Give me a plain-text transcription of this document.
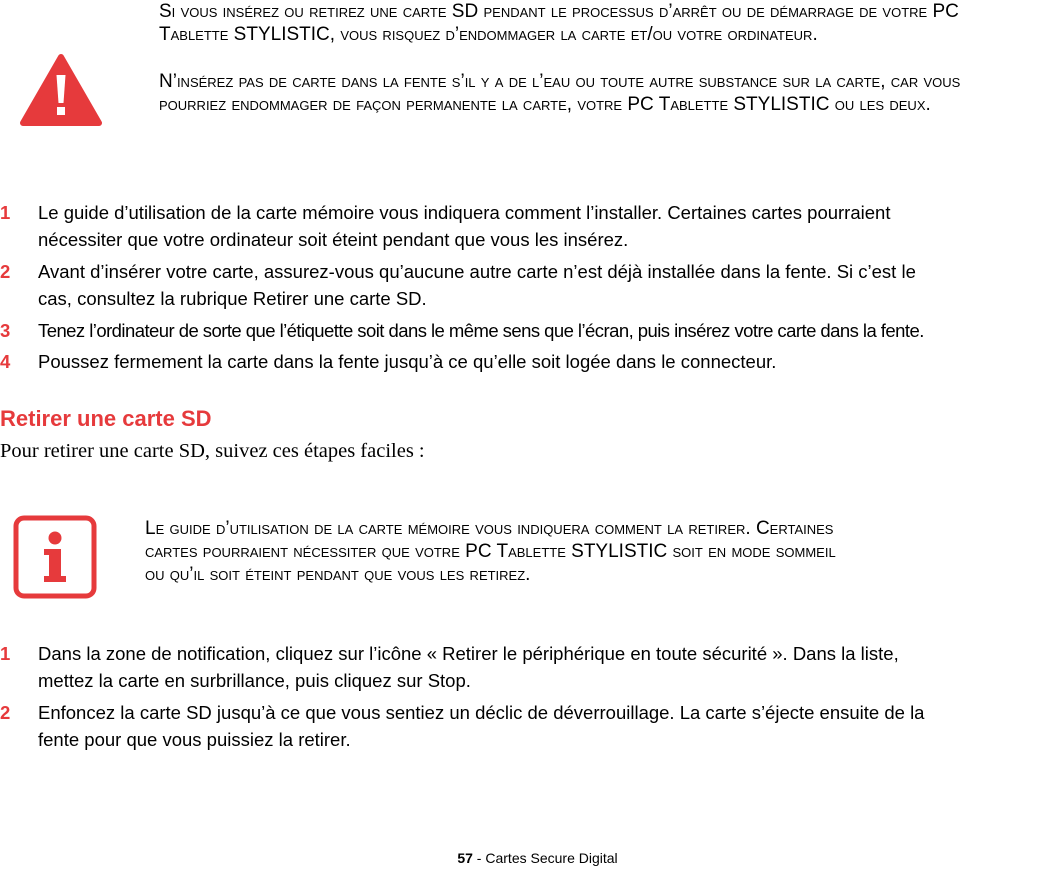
Si vous insérez ou retirez une carte SD pendant le processus d’arrêt ou de démarrage de votre PC Tablette STYLISTIC, vous risquez d’endommager la carte et/ou votre ordinateur.

N’insérez pas de carte dans la fente s’il y a de l’eau ou toute autre substance sur la carte, car vous pourriez endommager de façon permanente la carte, votre PC Tablette STYLISTIC ou les deux.

1 Le guide d’utilisation de la carte mémoire vous indiquera comment l’installer. Certaines cartes pourraient
nécessiter que votre ordinateur soit éteint pendant que vous les insérez.
2 Avant d’insérer votre carte, assurez-vous qu’aucune autre carte n’est déjà installée dans la fente. Si c’est le
cas, consultez la rubrique Retirer une carte SD.
3 Tenez l’ordinateur de sorte que l’étiquette soit dans le même sens que l’écran, puis insérez votre carte dans la fente.
4 Poussez fermement la carte dans la fente jusqu’à ce qu’elle soit logée dans le connecteur.
Retirer une carte SD

Pour retirer une carte SD, suivez ces étapes faciles :

Le guide d’utilisation de la carte mémoire vous indiquera comment la retirer. Certaines

cartes pourraient nécessiter que votre PC Tablette STYLISTIC soit en mode sommeil

ou qu’il soit éteint pendant que vous les retirez.

1 Dans la zone de notification, cliquez sur l’icône « Retirer le périphérique en toute sécurité ». Dans la liste,
mettez la carte en surbrillance, puis cliquez sur Stop.
2 Enfoncez la carte SD jusqu’à ce que vous sentiez un déclic de déverrouillage. La carte s’éjecte ensuite de la
fente pour que vous puissiez la retirer.
57 - Cartes Secure Digital
